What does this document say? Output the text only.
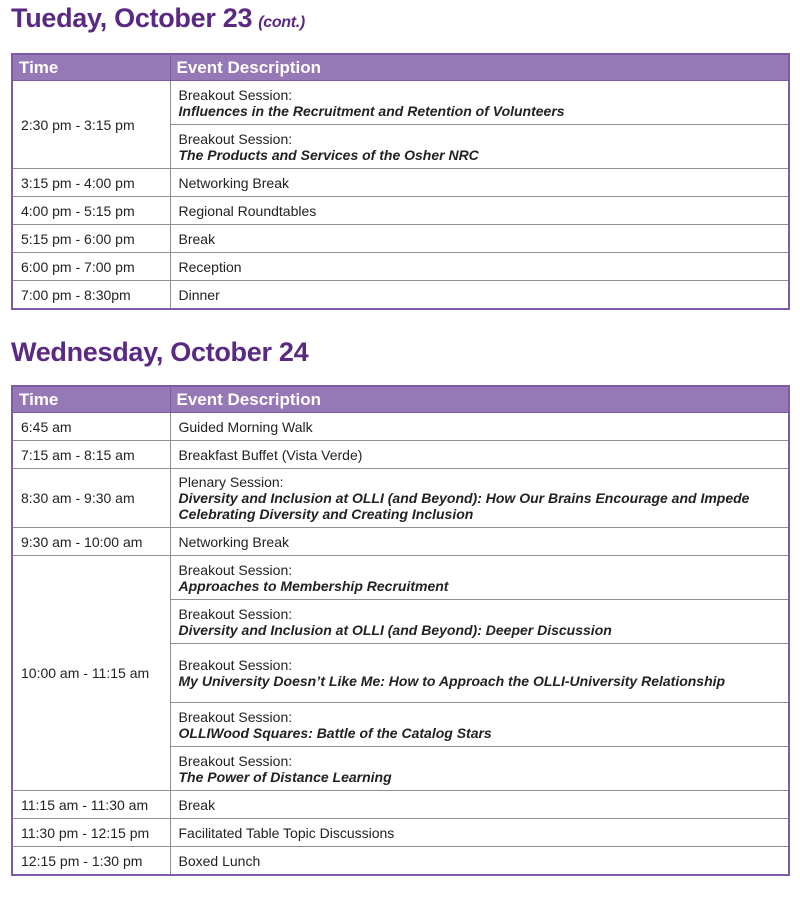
Tueday, October 23 (cont.)
Time	Event Description
2:30 pm - 3:15 pm	Breakout Session:
Influences in the Recruitment and Retention of Volunteers

	Breakout Session:
The Products and Services of the Osher NRC

3:15 pm - 4:00 pm	Networking Break
4:00 pm - 5:15 pm	Regional Roundtables
5:15 pm - 6:00 pm	Break
6:00 pm - 7:00 pm	Reception
7:00 pm - 8:30pm	Dinner
Wednesday, October 24
Time	Event Description
6:45 am	Guided Morning Walk
7:15 am - 8:15 am	Breakfast Buffet (Vista Verde)
8:30 am - 9:30 am	Plenary Session:
Diversity and Inclusion at OLLI (and Beyond): How Our Brains Encourage and Impede Celebrating Diversity and Creating Inclusion

9:30 am - 10:00 am	Networking Break
10:00 am - 11:15 am	Breakout Session:
Approaches to Membership Recruitment

	Breakout Session:
Diversity and Inclusion at OLLI (and Beyond): Deeper Discussion

	Breakout Session:
My University Doesn’t Like Me: How to Approach the OLLI-University Relationship

	Breakout Session:
OLLIWood Squares: Battle of the Catalog Stars

	Breakout Session:
The Power of Distance Learning

11:15 am - 11:30 am	Break
11:30 pm - 12:15 pm	Facilitated Table Topic Discussions
12:15 pm - 1:30 pm	Boxed Lunch
